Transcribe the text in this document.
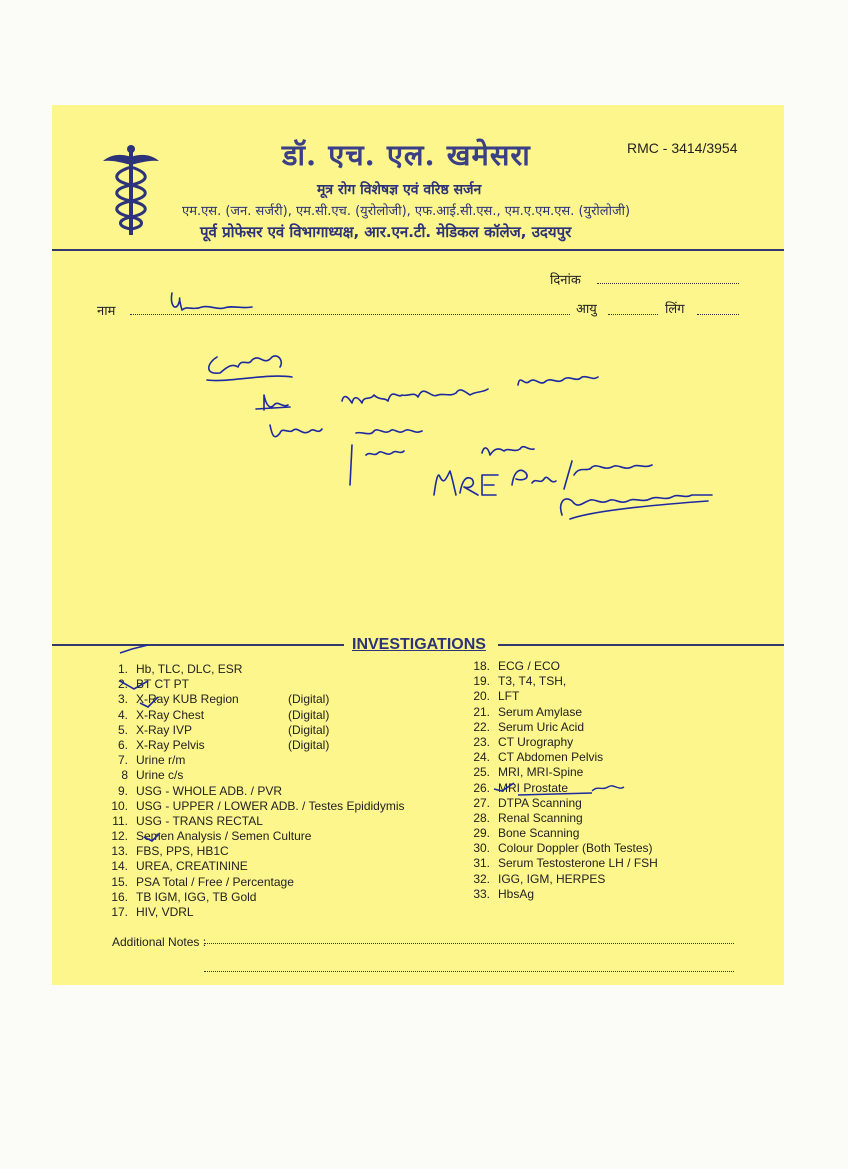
डॉ. एच. एल. खमेसरा	RMC - 3414/3954
मूत्र रोग विशेषज्ञ एवं वरिष्ठ सर्जन
एम.एस. (जन. सर्जरी), एम.सी.एच. (युरोलोजी), एफ.आई.सी.एस., एम.ए.एम.एस. (युरोलोजी)
पूर्व प्रोफेसर एवं विभागाध्यक्ष, आर.एन.टी. मेडिकल कॉलेज, उदयपुर
दिनांक
नाम	आयु	लिंग
INVESTIGATIONS
1. Hb, TLC, DLC, ESR
2. BT CT PT
3. X-Ray KUB Region	(Digital)
4. X-Ray Chest	(Digital)
5. X-Ray IVP	(Digital)
6. X-Ray Pelvis	(Digital)
7. Urine r/m
8 Urine c/s
9. USG - WHOLE ADB. / PVR
10. USG - UPPER / LOWER ADB. / Testes Epididymis
11. USG - TRANS RECTAL
12. Semen Analysis / Semen Culture
13. FBS, PPS, HB1C
14. UREA, CREATININE
15. PSA Total / Free / Percentage
16. TB IGM, IGG, TB Gold
17. HIV, VDRL
18. ECG / ECO
19. T3, T4, TSH,
20. LFT
21. Serum Amylase
22. Serum Uric Acid
23. CT Urography
24. CT Abdomen Pelvis
25. MRI, MRI-Spine
26. MRI Prostate
27. DTPA Scanning
28. Renal Scanning
29. Bone Scanning
30. Colour Doppler (Both Testes)
31. Serum Testosterone LH / FSH
32. IGG, IGM, HERPES
33. HbsAg
Additional Notes :
